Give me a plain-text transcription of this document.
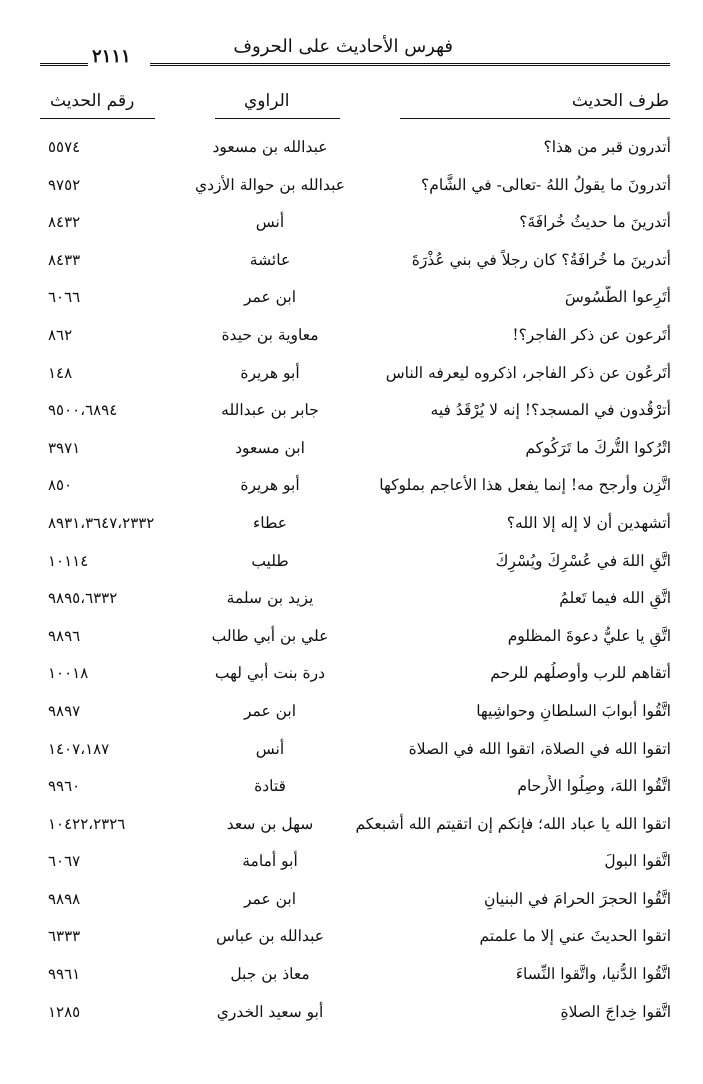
فهرس الأحاديث على الحروف
٢١١١
طرف الحديث
الراوي
رقم الحديث
أتدرون قبر من هذا؟
عبدالله بن مسعود
٥٥٧٤
أتدرونَ ما يقولُ اللهُ -تعالى- في الشَّام؟
عبدالله بن حوالة الأزدي
٩٧٥٢
أتدرينَ ما حديثُ خُرافَةَ؟
أنس
٨٤٣٢
أتدرينَ ما خُرافَةُ؟ كان رجلاً في بني عُذْرَةَ
عائشة
٨٤٣٣
أَتَرِعوا الطُّسُوسَ
ابن عمر
٦٠٦٦
أَتَرعون عن ذكر الفاجر؟!
معاوية بن حيدة
٨٦٢
أَتَرعُون عن ذكر الفاجر، اذكروه ليعرفه الناس
أبو هريرة
١٤٨
أَترْقُدون في المسجد؟! إنه لا يُرْقَدُ فيه
جابر بن عبدالله
٩٥٠٠،٦٨٩٤
اتْرُكوا التُّركَ ما تَرَكُوكم
ابن مسعود
٣٩٧١
اتَّزِن وأَرجح مه! إنما يفعل هذا الأعاجم بملوكها
أبو هريرة
٨٥٠
أتشهدين أن لا إله إلا الله؟
عطاء
٨٩٣١،٣٦٤٧،٢٣٣٢
اتَّقِ اللهَ في عُسْرِكَ ويُسْرِكَ
طليب
١٠١١٤
اتَّقِ الله فيما تَعلمُ
يزيد بن سلمة
٩٨٩٥،٦٣٣٢
اتَّقِ يا عليُّ دعوةَ المظلوم
علي بن أبي طالب
٩٨٩٦
أتقاهم للرب وأوصلُهم للرحم
درة بنت أبي لهب
١٠٠١٨
اتَّقُوا أبوابَ السلطانِ وحواشِيها
ابن عمر
٩٨٩٧
اتقوا الله في الصلاة، اتقوا الله في الصلاة
أنس
١٤٠٧،١٨٧
اتَّقُوا اللهَ، وصِلُوا الأَرحام
قتادة
٩٩٦٠
اتقوا الله يا عباد الله؛ فإنكم إن اتقيتم الله أشبعكم
سهل بن سعد
١٠٤٢٢،٢٣٢٦
اتَّقوا البولَ
أبو أمامة
٦٠٦٧
اتَّقُوا الحجرَ الحرامَ في البنيانِ
ابن عمر
٩٨٩٨
اتقوا الحديثَ عني إلا ما علمتم
عبدالله بن عباس
٦٣٣٣
اتَّقُوا الدُّنيا، واتَّقوا النِّساءَ
معاذ بن جبل
٩٩٦١
اتَّقوا خِداجَ الصلاةِ
أبو سعيد الخدري
١٢٨٥
